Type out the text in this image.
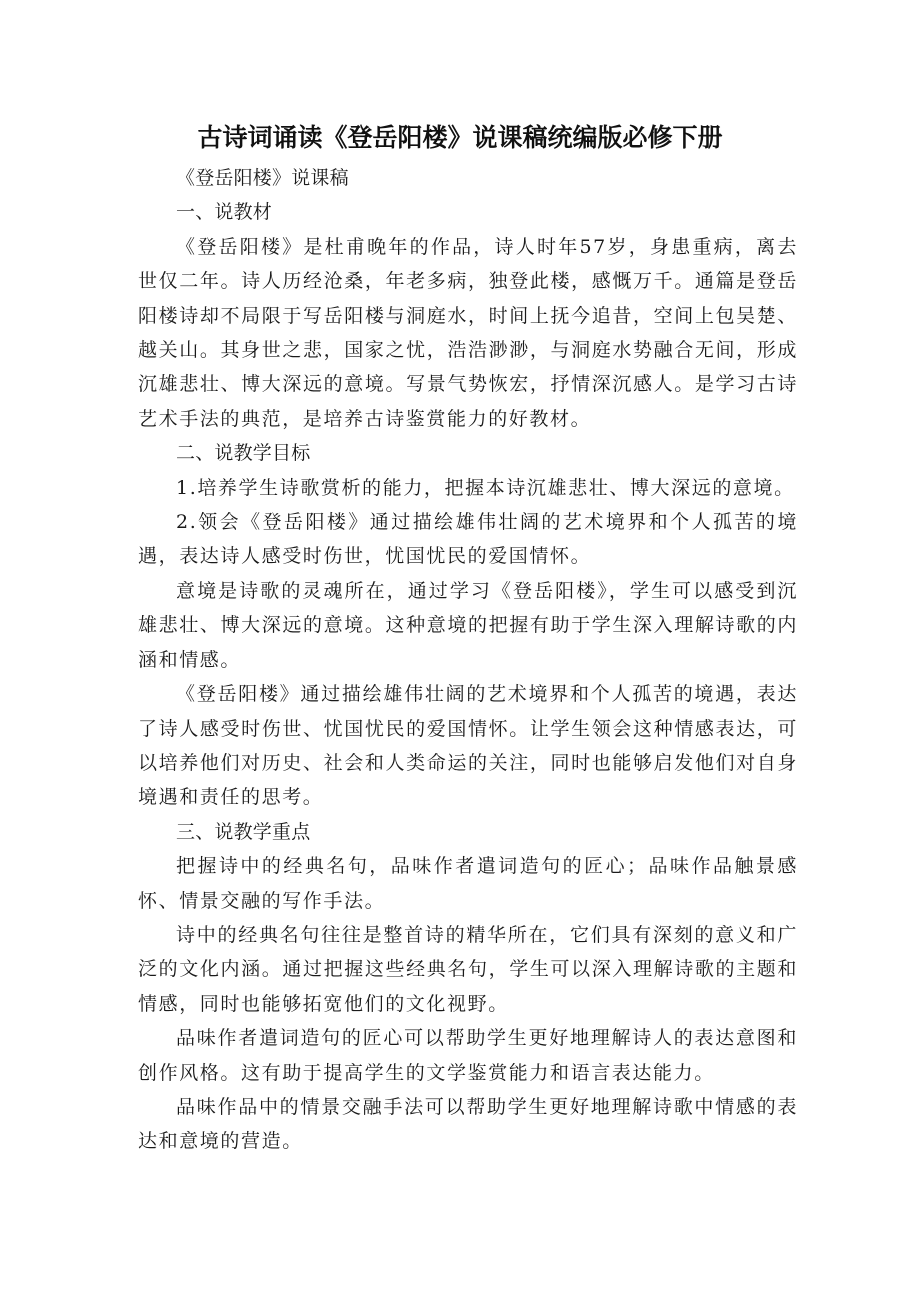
古诗词诵读《登岳阳楼》说课稿统编版必修下册

《登岳阳楼》说课稿

一、说教材

《登岳阳楼》是杜甫晚年的作品，诗人时年57岁，身患重病，离去世仅二年。诗人历经沧桑，年老多病，独登此楼，感慨万千。通篇是登岳阳楼诗却不局限于写岳阳楼与洞庭水，时间上抚今追昔，空间上包吴楚、越关山。其身世之悲，国家之忧，浩浩渺渺，与洞庭水势融合无间，形成沉雄悲壮、博大深远的意境。写景气势恢宏，抒情深沉感人。是学习古诗艺术手法的典范，是培养古诗鉴赏能力的好教材。

二、说教学目标

1.培养学生诗歌赏析的能力，把握本诗沉雄悲壮、博大深远的意境。

2.领会《登岳阳楼》通过描绘雄伟壮阔的艺术境界和个人孤苦的境遇，表达诗人感受时伤世，忧国忧民的爱国情怀。

意境是诗歌的灵魂所在，通过学习《登岳阳楼》，学生可以感受到沉雄悲壮、博大深远的意境。这种意境的把握有助于学生深入理解诗歌的内涵和情感。

《登岳阳楼》通过描绘雄伟壮阔的艺术境界和个人孤苦的境遇，表达了诗人感受时伤世、忧国忧民的爱国情怀。让学生领会这种情感表达，可以培养他们对历史、社会和人类命运的关注，同时也能够启发他们对自身境遇和责任的思考。

三、说教学重点

把握诗中的经典名句，品味作者遣词造句的匠心；品味作品触景感怀、情景交融的写作手法。

诗中的经典名句往往是整首诗的精华所在，它们具有深刻的意义和广泛的文化内涵。通过把握这些经典名句，学生可以深入理解诗歌的主题和情感，同时也能够拓宽他们的文化视野。

品味作者遣词造句的匠心可以帮助学生更好地理解诗人的表达意图和创作风格。这有助于提高学生的文学鉴赏能力和语言表达能力。

品味作品中的情景交融手法可以帮助学生更好地理解诗歌中情感的表达和意境的营造。
